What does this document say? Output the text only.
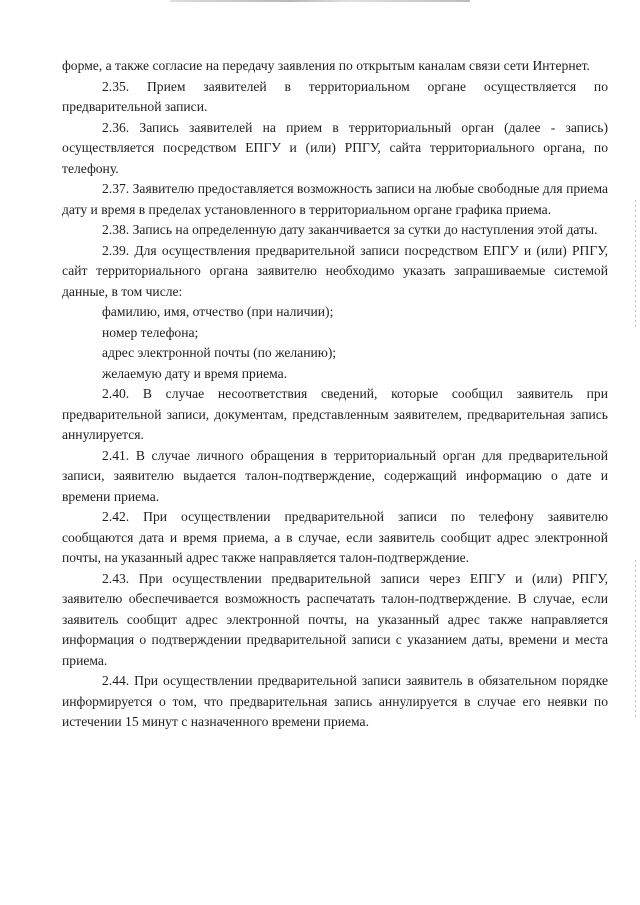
форме, а также согласие на передачу заявления по открытым каналам связи сети Интернет.

2.35. Прием заявителей в территориальном органе осуществляется по предварительной записи.

2.36. Запись заявителей на прием в территориальный орган (далее - запись) осуществляется посредством ЕПГУ и (или) РПГУ, сайта территориального органа, по телефону.

2.37. Заявителю предоставляется возможность записи на любые свободные для приема дату и время в пределах установленного в территориальном органе графика приема.

2.38. Запись на определенную дату заканчивается за сутки до наступления этой даты.

2.39. Для осуществления предварительной записи посредством ЕПГУ и (или) РПГУ, сайт территориального органа заявителю необходимо указать запрашиваемые системой данные, в том числе:

фамилию, имя, отчество (при наличии);

номер телефона;

адрес электронной почты (по желанию);

желаемую дату и время приема.

2.40. В случае несоответствия сведений, которые сообщил заявитель при предварительной записи, документам, представленным заявителем, предварительная запись аннулируется.

2.41. В случае личного обращения в территориальный орган для предварительной записи, заявителю выдается талон-подтверждение, содержащий информацию о дате и времени приема.

2.42. При осуществлении предварительной записи по телефону заявителю сообщаются дата и время приема, а в случае, если заявитель сообщит адрес электронной почты, на указанный адрес также направляется талон-подтверждение.

2.43. При осуществлении предварительной записи через ЕПГУ и (или) РПГУ, заявителю обеспечивается возможность распечатать талон-подтверждение. В случае, если заявитель сообщит адрес электронной почты, на указанный адрес также направляется информация о подтверждении предварительной записи с указанием даты, времени и места приема.

2.44. При осуществлении предварительной записи заявитель в обязательном порядке информируется о том, что предварительная запись аннулируется в случае его неявки по истечении 15 минут с назначенного времени приема.
